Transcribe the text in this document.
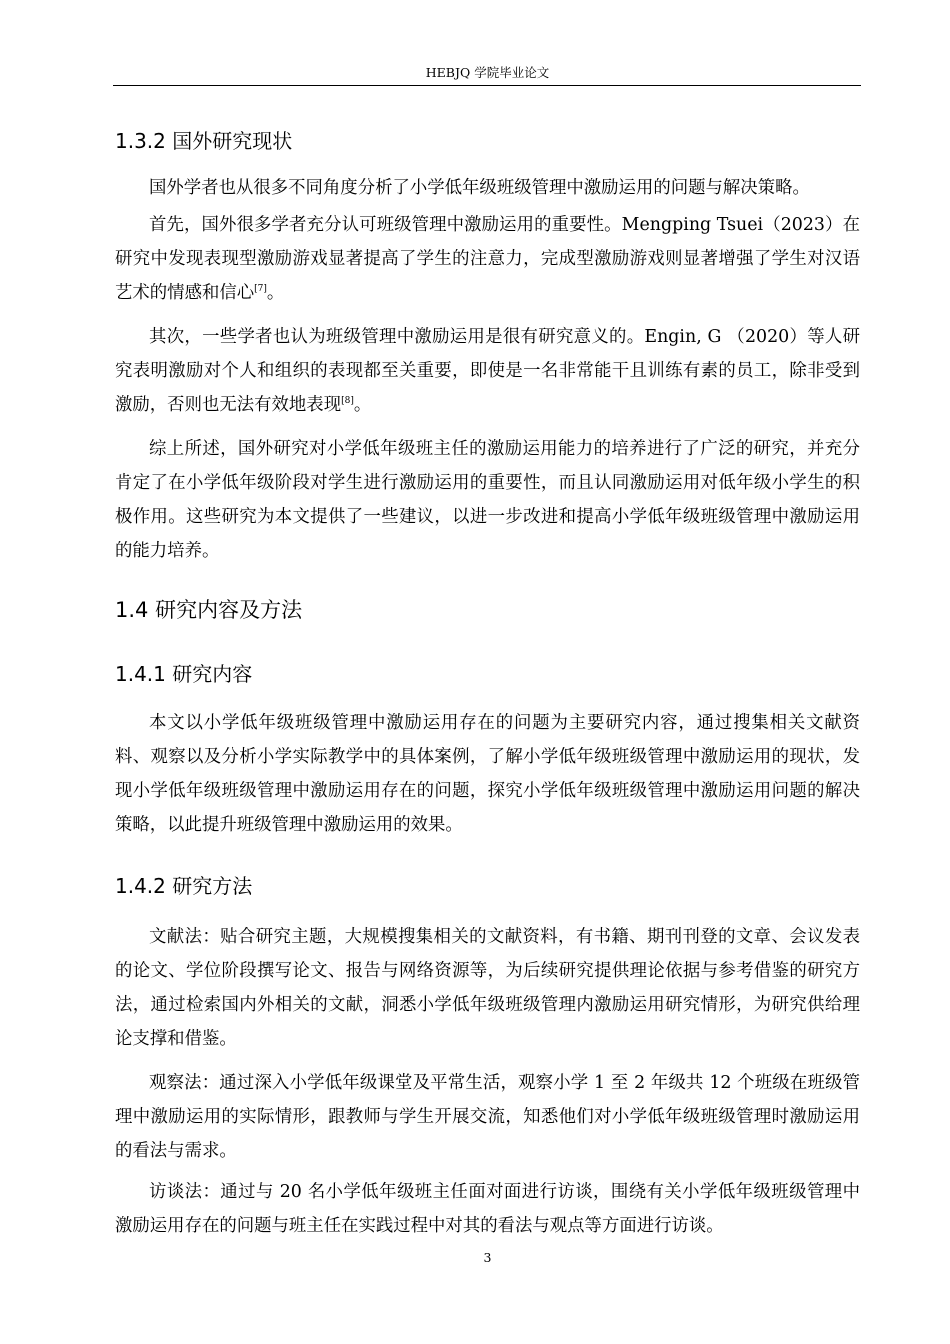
HEBJQ 学院毕业论文
1.3.2 国外研究现状

国外学者也从很多不同角度分析了小学低年级班级管理中激励运用的问题与解决策略。

首先，国外很多学者充分认可班级管理中激励运用的重要性。Mengping Tsuei（2023）在研究中发现表现型激励游戏显著提高了学生的注意力，完成型激励游戏则显著增强了学生对汉语艺术的情感和信心[7]。

其次，一些学者也认为班级管理中激励运用是很有研究意义的。Engin, G （2020）等人研究表明激励对个人和组织的表现都至关重要，即使是一名非常能干且训练有素的员工，除非受到激励，否则也无法有效地表现[8]。

综上所述，国外研究对小学低年级班主任的激励运用能力的培养进行了广泛的研究，并充分肯定了在小学低年级阶段对学生进行激励运用的重要性，而且认同激励运用对低年级小学生的积极作用。这些研究为本文提供了一些建议，以进一步改进和提高小学低年级班级管理中激励运用的能力培养。

1.4 研究内容及方法
1.4.1 研究内容

本文以小学低年级班级管理中激励运用存在的问题为主要研究内容，通过搜集相关文献资料、观察以及分析小学实际教学中的具体案例，了解小学低年级班级管理中激励运用的现状，发现小学低年级班级管理中激励运用存在的问题，探究小学低年级班级管理中激励运用问题的解决策略，以此提升班级管理中激励运用的效果。

1.4.2 研究方法

文献法：贴合研究主题，大规模搜集相关的文献资料，有书籍、期刊刊登的文章、会议发表的论文、学位阶段撰写论文、报告与网络资源等，为后续研究提供理论依据与参考借鉴的研究方法，通过检索国内外相关的文献，洞悉小学低年级班级管理内激励运用研究情形，为研究供给理论支撑和借鉴。

观察法：通过深入小学低年级课堂及平常生活，观察小学 1 至 2 年级共 12 个班级在班级管理中激励运用的实际情形，跟教师与学生开展交流，知悉他们对小学低年级班级管理时激励运用的看法与需求。

访谈法：通过与 20 名小学低年级班主任面对面进行访谈，围绕有关小学低年级班级管理中激励运用存在的问题与班主任在实践过程中对其的看法与观点等方面进行访谈。

3
